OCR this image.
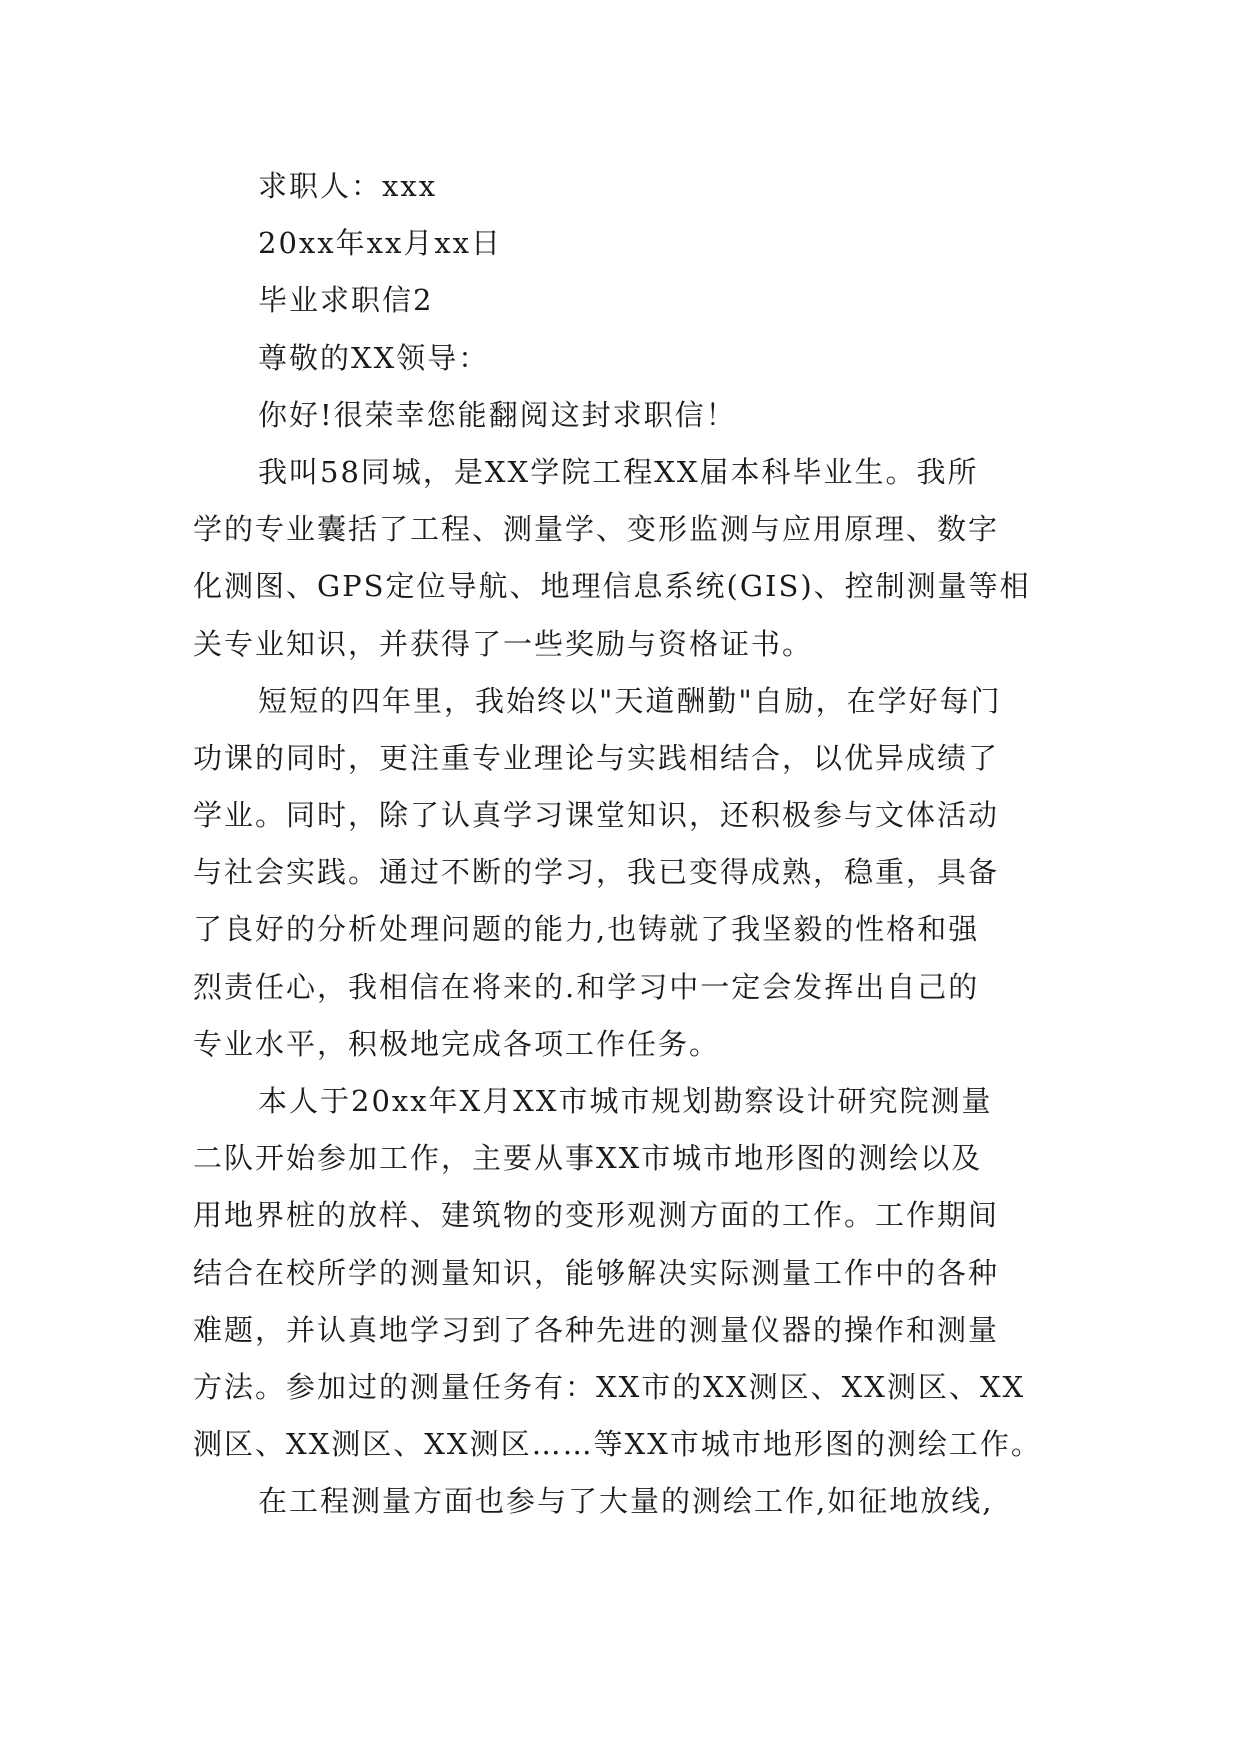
求职人：xxx
20xx年xx月xx日
毕业求职信2
尊敬的XX领导：
你好!很荣幸您能翻阅这封求职信！
我叫58同城，是XX学院工程XX届本科毕业生。我所
学的专业囊括了工程、测量学、变形监测与应用原理、数字
化测图、GPS定位导航、地理信息系统(GIS)、控制测量等相
关专业知识，并获得了一些奖励与资格证书。
短短的四年里，我始终以"天道酬勤"自励，在学好每门
功课的同时，更注重专业理论与实践相结合，以优异成绩了
学业。同时，除了认真学习课堂知识，还积极参与文体活动
与社会实践。通过不断的学习，我已变得成熟，稳重，具备
了良好的分析处理问题的能力,也铸就了我坚毅的性格和强
烈责任心，我相信在将来的.和学习中一定会发挥出自己的
专业水平，积极地完成各项工作任务。
本人于20xx年X月XX市城市规划勘察设计研究院测量
二队开始参加工作，主要从事XX市城市地形图的测绘以及
用地界桩的放样、建筑物的变形观测方面的工作。工作期间
结合在校所学的测量知识，能够解决实际测量工作中的各种
难题，并认真地学习到了各种先进的测量仪器的操作和测量
方法。参加过的测量任务有：XX市的XX测区、XX测区、XX
测区、XX测区、XX测区……等XX市城市地形图的测绘工作。
在工程测量方面也参与了大量的测绘工作,如征地放线,
